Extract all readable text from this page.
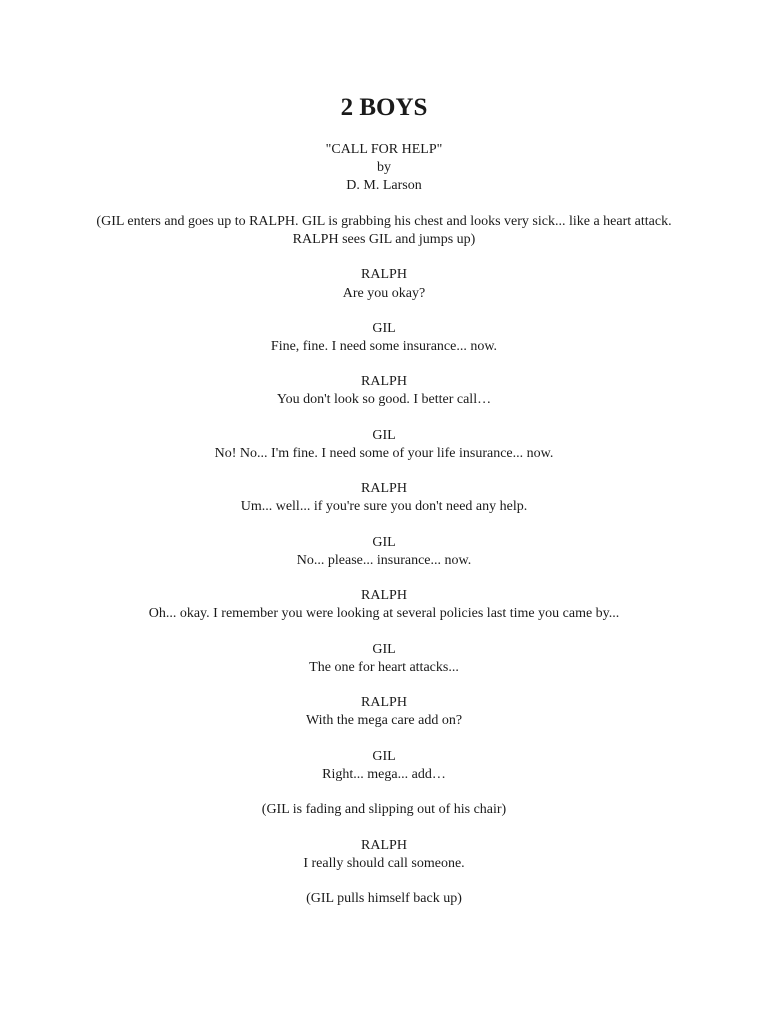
2 BOYS
"CALL FOR HELP"
by
D. M. Larson
(GIL enters and goes up to RALPH. GIL is grabbing his chest and looks very sick... like a heart attack. RALPH sees GIL and jumps up)
RALPH
Are you okay?
GIL
Fine, fine. I need some insurance... now.
RALPH
You don't look so good. I better call…
GIL
No! No... I'm fine. I need some of your life insurance... now.
RALPH
Um... well... if you're sure you don't need any help.
GIL
No... please... insurance... now.
RALPH
Oh... okay. I remember you were looking at several policies last time you came by...
GIL
The one for heart attacks...
RALPH
With the mega care add on?
GIL
Right... mega... add…
(GIL is fading and slipping out of his chair)
RALPH
I really should call someone.
(GIL pulls himself back up)
